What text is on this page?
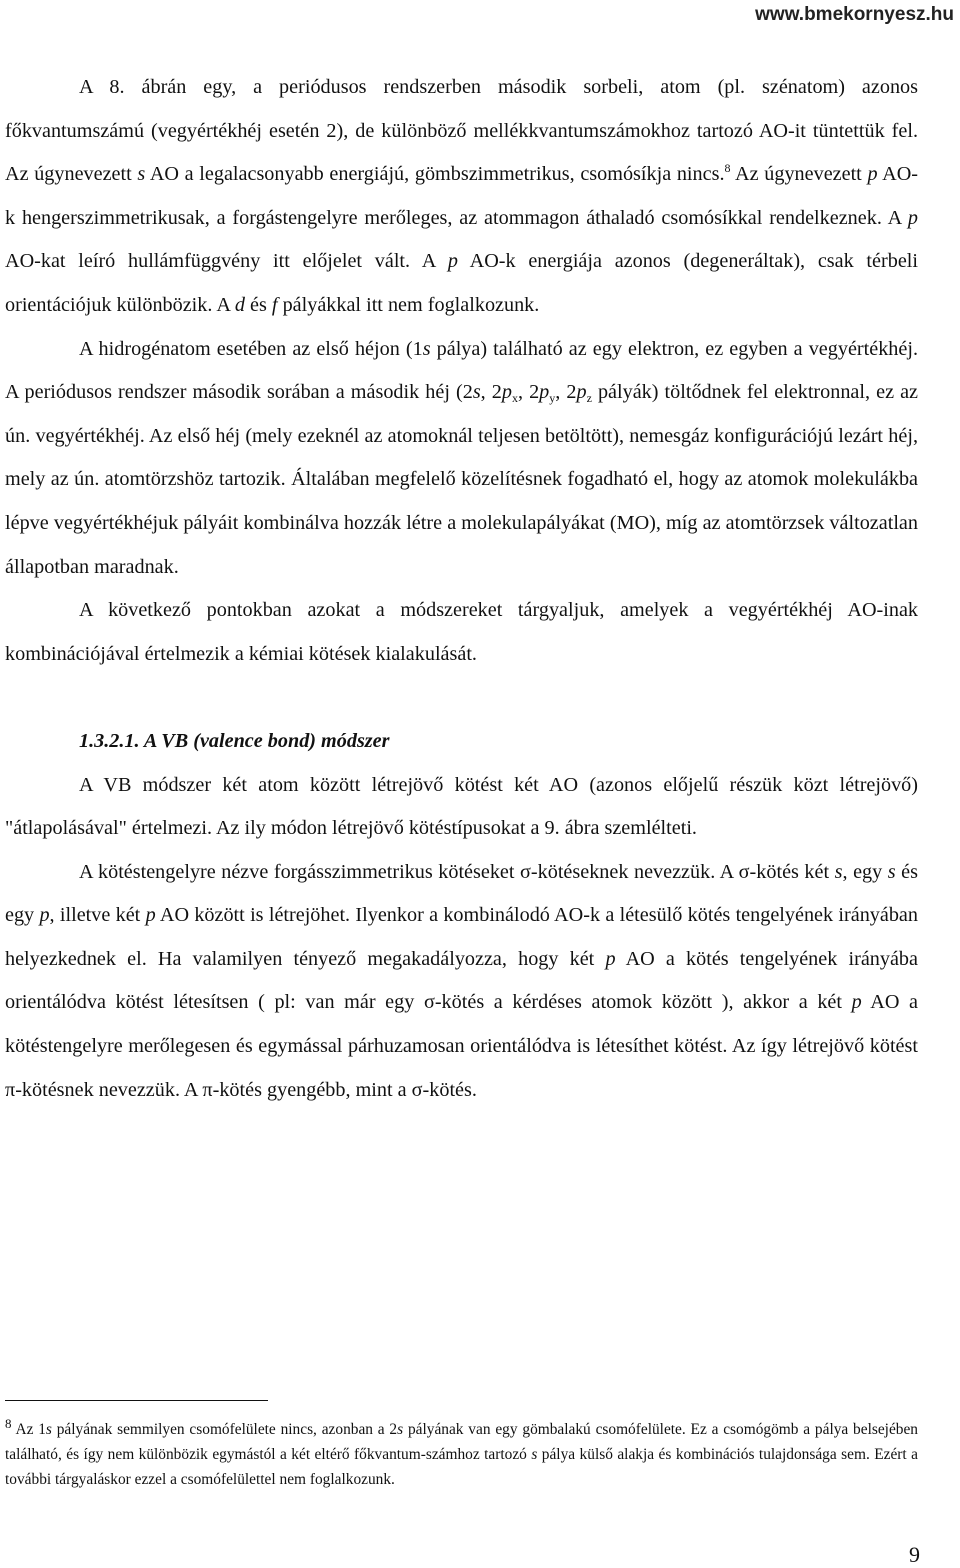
www.bmekornyesz.hu

A 8. ábrán egy, a periódusos rendszerben második sorbeli, atom (pl. szénatom) azonos főkvantumszámú (vegyértékhéj esetén 2), de különböző mellékkvantumszámokhoz tartozó AO-it tüntettük fel. Az úgynevezett s AO a legalacsonyabb energiájú, gömbszimmetrikus, csomósíkja nincs.$^8$ Az úgynevezett p AO-k hengerszimmetrikusak, a forgástengelyre merőleges, az atommagon áthaladó csomósíkkal rendelkeznek. A p AO-kat leíró hullámfüggvény itt előjelet vált. A p AO-k energiája azonos (degeneráltak), csak térbeli orientációjuk különbözik. A d és f pályákkal itt nem foglalkozunk.

A hidrogénatom esetében az első héjon (1s pálya) található az egy elektron, ez egyben a vegyértékhéj. A periódusos rendszer második sorában a második héj (2s, $2p_x$, $2p_y$, $2p_z$ pályák) töltődnek fel elektronnal, ez az ún. vegyértékhéj. Az első héj (mely ezeknél az atomoknál teljesen betöltött), nemesgáz konfigurációjú lezárt héj, mely az ún. atomtörzshöz tartozik. Általában megfelelő közelítésnek fogadható el, hogy az atomok molekulákba lépve vegyértékhéjuk pályáit kombinálva hozzák létre a molekulapályákat (MO), míg az atomtörzsek változatlan állapotban maradnak.

A következő pontokban azokat a módszereket tárgyaljuk, amelyek a vegyértékhéj AO-inak kombinációjával értelmezik a kémiai kötések kialakulását.

1.3.2.1. A VB (valence bond) módszer

A VB módszer két atom között létrejövő kötést két AO (azonos előjelű részük közt létrejövő) "átlapolásával" értelmezi. Az ily módon létrejövő kötéstípusokat a 9. ábra szemlélteti.

A kötéstengelyre nézve forgásszimmetrikus kötéseket σ-kötéseknek nevezzük. A σ-kötés két s, egy s és egy p, illetve két p AO között is létrejöhet. Ilyenkor a kombinálodó AO-k a létesülő kötés tengelyének irányában helyezkednek el. Ha valamilyen tényező megakadályozza, hogy két p AO a kötés tengelyének irányába orientálódva kötést létesítsen ( pl: van már egy σ-kötés a kérdéses atomok között ), akkor a két p AO a kötéstengelyre merőlegesen és egymással párhuzamosan orientálódva is létesíthet kötést. Az így létrejövő kötést π-kötésnek nevezzük. A π-kötés gyengébb, mint a σ-kötés.

$^8$ Az 1s pályának semmilyen csomófelülete nincs, azonban a 2s pályának van egy gömbalakú csomófelülete. Ez a csomógömb a pálya belsejében található, és így nem különbözik egymástól a két eltérő főkvantum-számhoz tartozó s pálya külső alakja és kombinációs tulajdonsága sem. Ezért a további tárgyaláskor ezzel a csomófelülettel nem foglalkozunk.
9
